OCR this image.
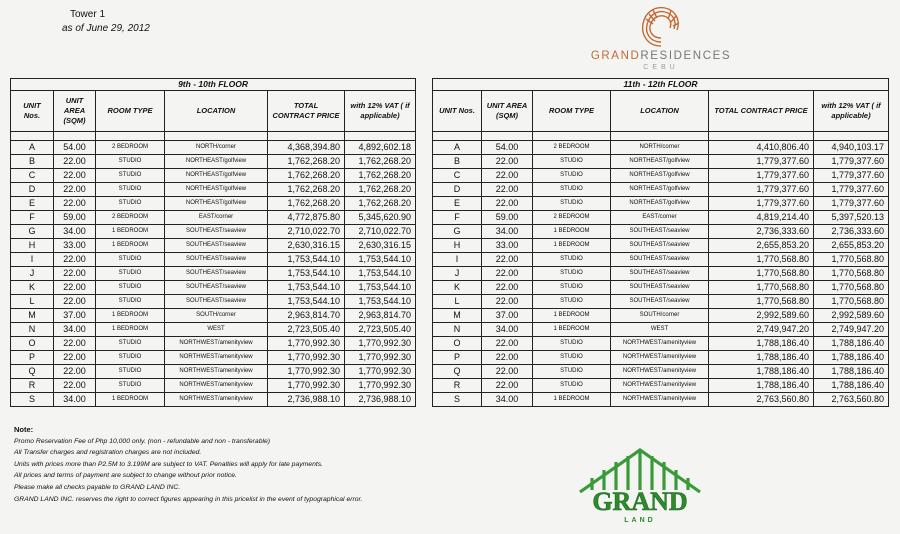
Tower 1
as of June 29, 2012
GRANDRESIDENCES
CEBU
9th - 10th FLOOR					
UNIT Nos.	UNIT AREA (SQM)	ROOM TYPE	LOCATION	TOTAL CONTRACT PRICE	with 12% VAT ( if applicable)

A	54.00	2 BEDROOM	NORTH/corner	4,368,394.80	4,892,602.18
B	22.00	STUDIO	NORTHEAST/golfview	1,762,268.20	1,762,268.20
C	22.00	STUDIO	NORTHEAST/golfview	1,762,268.20	1,762,268.20
D	22.00	STUDIO	NORTHEAST/golfview	1,762,268.20	1,762,268.20
E	22.00	STUDIO	NORTHEAST/golfview	1,762,268.20	1,762,268.20
F	59.00	2 BEDROOM	EAST/corner	4,772,875.80	5,345,620.90
G	34.00	1 BEDROOM	SOUTHEAST/seaview	2,710,022.70	2,710,022.70
H	33.00	1 BEDROOM	SOUTHEAST/seaview	2,630,316.15	2,630,316.15
I	22.00	STUDIO	SOUTHEAST/seaview	1,753,544.10	1,753,544.10
J	22.00	STUDIO	SOUTHEAST/seaview	1,753,544.10	1,753,544.10
K	22.00	STUDIO	SOUTHEAST/seaview	1,753,544.10	1,753,544.10
L	22.00	STUDIO	SOUTHEAST/seaview	1,753,544.10	1,753,544.10
M	37.00	1 BEDROOM	SOUTH/corner	2,963,814.70	2,963,814.70
N	34.00	1 BEDROOM	WEST	2,723,505.40	2,723,505.40
O	22.00	STUDIO	NORTHWEST/amenityview	1,770,992.30	1,770,992.30
P	22.00	STUDIO	NORTHWEST/amenityview	1,770,992.30	1,770,992.30
Q	22.00	STUDIO	NORTHWEST/amenityview	1,770,992.30	1,770,992.30
R	22.00	STUDIO	NORTHWEST/amenityview	1,770,992.30	1,770,992.30
S	34.00	1 BEDROOM	NORTHWEST/amenityview	2,736,988.10	2,736,988.10
11th - 12th FLOOR					
UNIT Nos.	UNIT AREA (SQM)	ROOM TYPE	LOCATION	TOTAL CONTRACT PRICE	with 12% VAT ( if applicable)

A	54.00	2 BEDROOM	NORTH/corner	4,410,806.40	4,940,103.17
B	22.00	STUDIO	NORTHEAST/golfview	1,779,377.60	1,779,377.60
C	22.00	STUDIO	NORTHEAST/golfview	1,779,377.60	1,779,377.60
D	22.00	STUDIO	NORTHEAST/golfview	1,779,377.60	1,779,377.60
E	22.00	STUDIO	NORTHEAST/golfview	1,779,377.60	1,779,377.60
F	59.00	2 BEDROOM	EAST/corner	4,819,214.40	5,397,520.13
G	34.00	1 BEDROOM	SOUTHEAST/seaview	2,736,333.60	2,736,333.60
H	33.00	1 BEDROOM	SOUTHEAST/seaview	2,655,853.20	2,655,853.20
I	22.00	STUDIO	SOUTHEAST/seaview	1,770,568.80	1,770,568.80
J	22.00	STUDIO	SOUTHEAST/seaview	1,770,568.80	1,770,568.80
K	22.00	STUDIO	SOUTHEAST/seaview	1,770,568.80	1,770,568.80
L	22.00	STUDIO	SOUTHEAST/seaview	1,770,568.80	1,770,568.80
M	37.00	1 BEDROOM	SOUTH/corner	2,992,589.60	2,992,589.60
N	34.00	1 BEDROOM	WEST	2,749,947.20	2,749,947.20
O	22.00	STUDIO	NORTHWEST/amenityview	1,788,186.40	1,788,186.40
P	22.00	STUDIO	NORTHWEST/amenityview	1,788,186.40	1,788,186.40
Q	22.00	STUDIO	NORTHWEST/amenityview	1,788,186.40	1,788,186.40
R	22.00	STUDIO	NORTHWEST/amenityview	1,788,186.40	1,788,186.40
S	34.00	1 BEDROOM	NORTHWEST/amenityview	2,763,560.80	2,763,560.80
Note:
Promo Reservation Fee of Php 10,000 only. (non - refundable and non - transferable)
All Transfer charges and registration charges are not included.
Units with prices more than P2.5M to 3.199M are subject to VAT. Penalties will apply for late payments.
All prices and terms of payment are subject to change without prior notice.
Please make all checks payable to GRAND LAND INC.
GRAND LAND INC. reserves the right to correct figures appearing in this pricelist in the event of typographical error.	GRAND
LAND
